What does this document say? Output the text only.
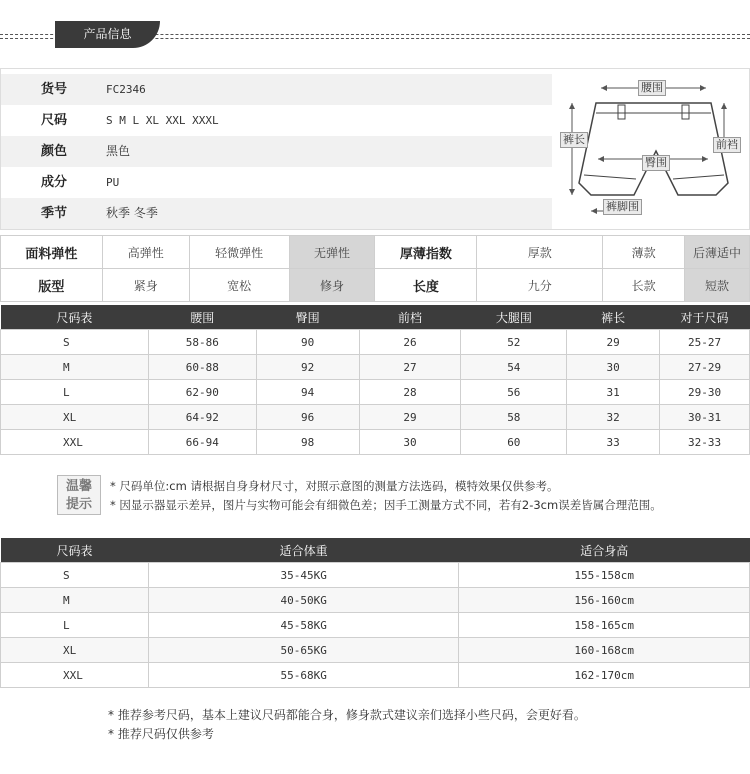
产品信息
货号	FC2346
尺码	S M L XL XXL XXXL
颜色	黑色
成分	PU
季节	秋季 冬季
腰围
裤长	前裆
臀围
裤脚围
面料弹性	高弹性	轻微弹性	无弹性	厚薄指数	厚款	薄款	后薄适中
版型	紧身	宽松	修身	长度	九分	长款	短款
尺码表	腰围	臀围	前档	大腿围	裤长	对于尺码
S	58-86	90	26	52	29	25-27
M	60-88	92	27	54	30	27-29
L	62-90	94	28	56	31	29-30
XL	64-92	96	29	58	32	30-31
XXL	66-94	98	30	60	33	32-33
温馨
提示
* 尺码单位:cm 请根据自身身材尺寸，对照示意图的测量方法选码，模特效果仅供参考。
* 因显示器显示差异，图片与实物可能会有细微色差；因手工测量方式不同，若有2-3cm误差皆属合理范围。
尺码表	适合体重	适合身高
S	35-45KG	155-158cm
M	40-50KG	156-160cm
L	45-58KG	158-165cm
XL	50-65KG	160-168cm
XXL	55-68KG	162-170cm
* 推荐参考尺码，基本上建议尺码都能合身，修身款式建议亲们选择小些尺码，会更好看。
* 推荐尺码仅供参考
